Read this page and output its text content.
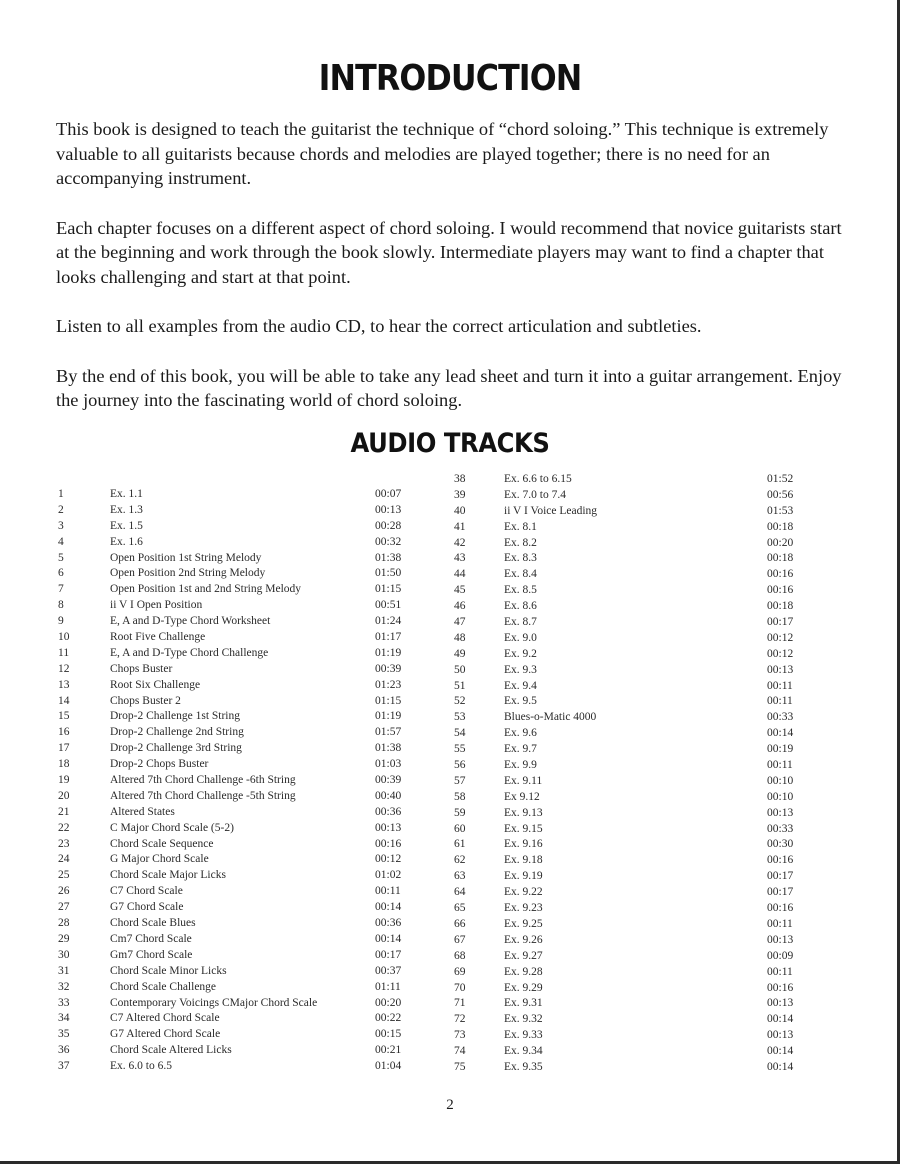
INTRODUCTION

This book is designed to teach the guitarist the technique of “chord soloing.” This technique is extremely valuable to all guitarists because chords and melodies are played together; there is no need for an accompanying instrument.

Each chapter focuses on a different aspect of chord soloing. I would recommend that novice guitarists start at the beginning and work through the book slowly. Intermediate players may want to find a chapter that looks challenging and start at that point.

Listen to all examples from the audio CD, to hear the correct articulation and subtleties.

By the end of this book, you will be able to take any lead sheet and turn it into a guitar arrangement. Enjoy the journey into the fascinating world of chord soloing.

AUDIO TRACKS
1	Ex. 1.1	00:07
2	Ex. 1.3	00:13
3	Ex. 1.5	00:28
4	Ex. 1.6	00:32
5	Open Position 1st String Melody	01:38
6	Open Position 2nd String Melody	01:50
7	Open Position 1st and 2nd String Melody	01:15
8	ii V I Open Position	00:51
9	E, A and D-Type Chord Worksheet	01:24
10	Root Five Challenge	01:17
11	E, A and D-Type Chord Challenge	01:19
12	Chops Buster	00:39
13	Root Six Challenge	01:23
14	Chops Buster 2	01:15
15	Drop-2 Challenge 1st String	01:19
16	Drop-2 Challenge 2nd String	01:57
17	Drop-2 Challenge 3rd String	01:38
18	Drop-2 Chops Buster	01:03
19	Altered 7th Chord Challenge -6th String	00:39
20	Altered 7th Chord Challenge -5th String	00:40
21	Altered States	00:36
22	C Major Chord Scale (5-2)	00:13
23	Chord Scale Sequence	00:16
24	G Major Chord Scale	00:12
25	Chord Scale Major Licks	01:02
26	C7 Chord Scale	00:11
27	G7 Chord Scale	00:14
28	Chord Scale Blues	00:36
29	Cm7 Chord Scale	00:14
30	Gm7 Chord Scale	00:17
31	Chord Scale Minor Licks	00:37
32	Chord Scale Challenge	01:11
33	Contemporary Voicings CMajor Chord Scale	00:20
34	C7 Altered Chord Scale	00:22
35	G7 Altered Chord Scale	00:15
36	Chord Scale Altered Licks	00:21
37	Ex. 6.0 to 6.5	01:04
38	Ex. 6.6 to 6.15	01:52
39	Ex. 7.0 to 7.4	00:56
40	ii V I Voice Leading	01:53
41	Ex. 8.1	00:18
42	Ex. 8.2	00:20
43	Ex. 8.3	00:18
44	Ex. 8.4	00:16
45	Ex. 8.5	00:16
46	Ex. 8.6	00:18
47	Ex. 8.7	00:17
48	Ex. 9.0	00:12
49	Ex. 9.2	00:12
50	Ex. 9.3	00:13
51	Ex. 9.4	00:11
52	Ex. 9.5	00:11
53	Blues-o-Matic 4000	00:33
54	Ex. 9.6	00:14
55	Ex. 9.7	00:19
56	Ex. 9.9	00:11
57	Ex. 9.11	00:10
58	Ex 9.12	00:10
59	Ex. 9.13	00:13
60	Ex. 9.15	00:33
61	Ex. 9.16	00:30
62	Ex. 9.18	00:16
63	Ex. 9.19	00:17
64	Ex. 9.22	00:17
65	Ex. 9.23	00:16
66	Ex. 9.25	00:11
67	Ex. 9.26	00:13
68	Ex. 9.27	00:09
69	Ex. 9.28	00:11
70	Ex. 9.29	00:16
71	Ex. 9.31	00:13
72	Ex. 9.32	00:14
73	Ex. 9.33	00:13
74	Ex. 9.34	00:14
75	Ex. 9.35	00:14
2
